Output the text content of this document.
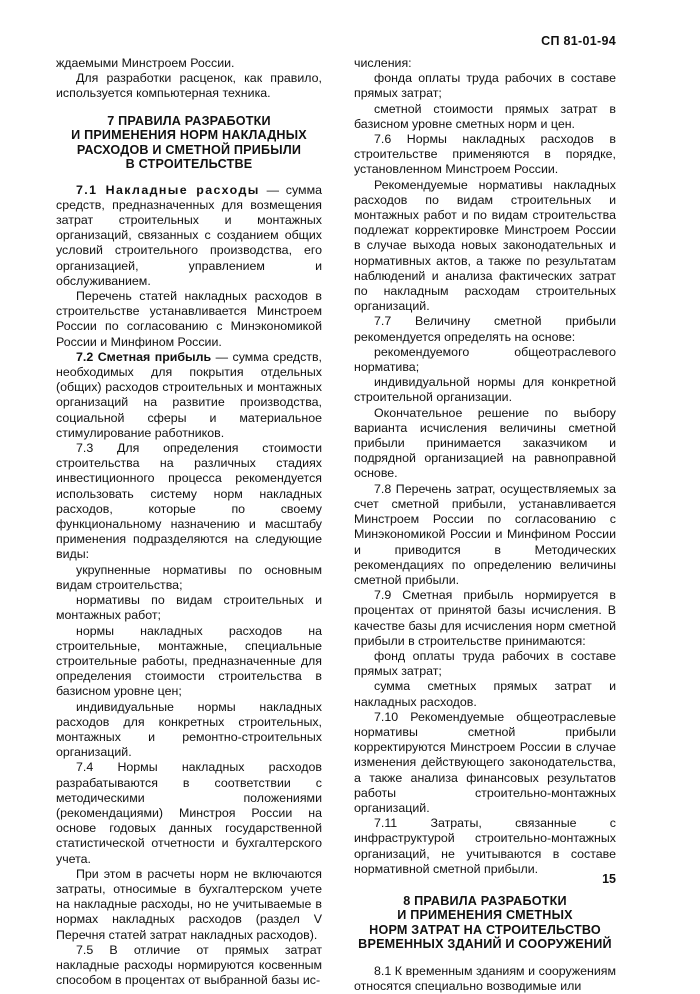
СП 81-01-94

ждаемыми Минстроем России.

Для разработки расценок, как правило, используется компьютерная техника.

7 ПРАВИЛА РАЗРАБОТКИ
И ПРИМЕНЕНИЯ НОРМ НАКЛАДНЫХ
РАСХОДОВ И СМЕТНОЙ ПРИБЫЛИ
В СТРОИТЕЛЬСТВЕ

7.1 Накладные расходы — сумма средств, предназначенных для возмещения затрат строительных и монтажных организаций, связанных с созданием общих условий строительного производства, его организацией, управлением и обслуживанием.

Перечень статей накладных расходов в строительстве устанавливается Минстроем России по согласованию с Минэкономикой России и Минфином России.

7.2 Сметная прибыль — сумма средств, необходимых для покрытия отдельных (общих) расходов строительных и монтажных организаций на развитие производства, социальной сферы и материальное стимулирование работников.

7.3 Для определения стоимости строительства на различных стадиях инвестиционного процесса рекомендуется использовать систему норм накладных расходов, которые по своему функциональному назначению и масштабу применения подразделяются на следующие виды:

укрупненные нормативы по основным видам строительства;

нормативы по видам строительных и монтажных работ;

нормы накладных расходов на строительные, монтажные, специальные строительные работы, предназначенные для определения стоимости строительства в базисном уровне цен;

индивидуальные нормы накладных расходов для конкретных строительных, монтажных и ремонтно-строительных организаций.

7.4 Нормы накладных расходов разрабатываются в соответствии с методическими положениями (рекомендациями) Минстроя России на основе годовых данных государственной статистической отчетности и бухгалтерского учета.

При этом в расчеты норм не включаются затраты, относимые в бухгалтерском учете на накладные расходы, но не учитываемые в нормах накладных расходов (раздел V Перечня статей затрат накладных расходов).

7.5 В отличие от прямых затрат накладные расходы нормируются косвенным способом в процентах от выбранной базы ис-

числения:

фонда оплаты труда рабочих в составе прямых затрат;

сметной стоимости прямых затрат в базисном уровне сметных норм и цен.

7.6 Нормы накладных расходов в строительстве применяются в порядке, установленном Минстроем России.

Рекомендуемые нормативы накладных расходов по видам строительных и монтажных работ и по видам строительства подлежат корректировке Минстроем России в случае выхода новых законодательных и нормативных актов, а также по результатам наблюдений и анализа фактических затрат по накладным расходам строительных организаций.

7.7 Величину сметной прибыли рекомендуется определять на основе:

рекомендуемого общеотраслевого норматива;

индивидуальной нормы для конкретной строительной организации.

Окончательное решение по выбору варианта исчисления величины сметной прибыли принимается заказчиком и подрядной организацией на равноправной основе.

7.8 Перечень затрат, осуществляемых за счет сметной прибыли, устанавливается Минстроем России по согласованию с Минэкономикой России и Минфином России и приводится в Методических рекомендациях по определению величины сметной прибыли.

7.9 Сметная прибыль нормируется в процентах от принятой базы исчисления. В качестве базы для исчисления норм сметной прибыли в строительстве принимаются:

фонд оплаты труда рабочих в составе прямых затрат;

сумма сметных прямых затрат и накладных расходов.

7.10 Рекомендуемые общеотраслевые нормативы сметной прибыли корректируются Минстроем России в случае изменения действующего законодательства, а также анализа финансовых результатов работы строительно-монтажных организаций.

7.11 Затраты, связанные с инфраструктурой строительно-монтажных организаций, не учитываются в составе нормативной сметной прибыли.

8 ПРАВИЛА РАЗРАБОТКИ
И ПРИМЕНЕНИЯ СМЕТНЫХ
НОРМ ЗАТРАТ НА СТРОИТЕЛЬСТВО
ВРЕМЕННЫХ ЗДАНИЙ И СООРУЖЕНИЙ

8.1 К временным зданиям и сооружениям относятся специально возводимые или

15
